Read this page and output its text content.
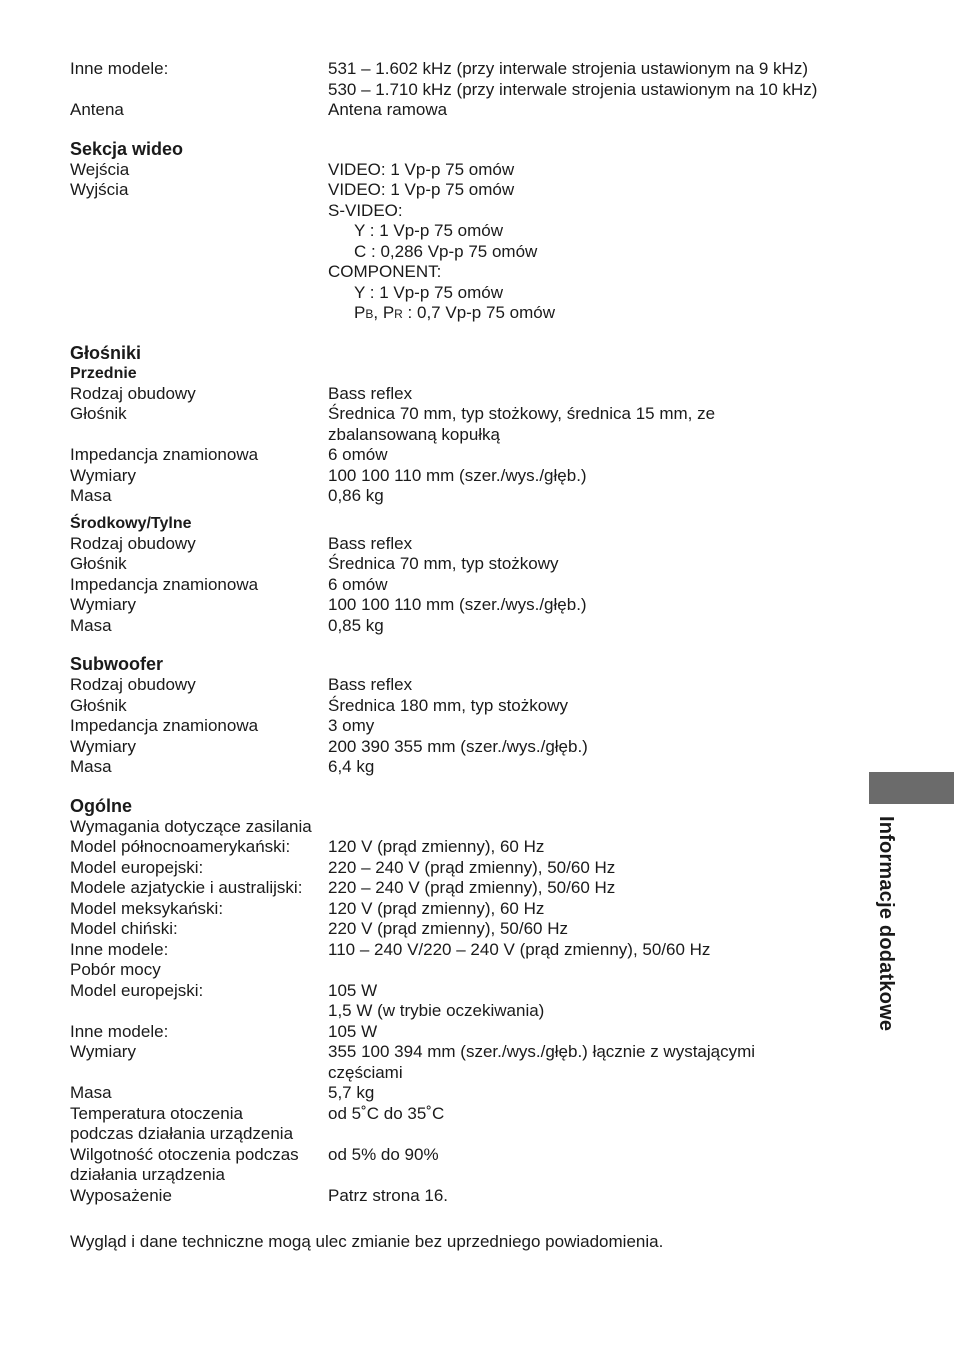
Inne modele:	531 – 1.602 kHz (przy interwale strojenia ustawionym na 9 kHz)
530 – 1.710 kHz (przy interwale strojenia ustawionym na 10 kHz)
Antena	Antena ramowa
Sekcja wideo
Wejścia	VIDEO: 1 Vp-p 75 omów
Wyjścia	VIDEO: 1 Vp-p 75 omów
S-VIDEO:
Y : 1 Vp-p 75 omów
C : 0,286 Vp-p 75 omów
COMPONENT:
Y : 1 Vp-p 75 omów
PB, PR : 0,7 Vp-p 75 omów
Głośniki
Przednie
Rodzaj obudowy	Bass reflex
Głośnik	Średnica 70 mm, typ stożkowy, średnica 15 mm, ze zbalansowaną kopułką
Impedancja znamionowa	6 omów
Wymiary	100 100 110 mm (szer./wys./głęb.)
Masa	0,86 kg
Środkowy/Tylne
Rodzaj obudowy	Bass reflex
Głośnik	Średnica 70 mm, typ stożkowy
Impedancja znamionowa	6 omów
Wymiary	100 100 110 mm (szer./wys./głęb.)
Masa	0,85 kg
Subwoofer
Rodzaj obudowy	Bass reflex
Głośnik	Średnica 180 mm, typ stożkowy
Impedancja znamionowa	3 omy
Wymiary	200 390 355 mm (szer./wys./głęb.)
Masa	6,4 kg
Ogólne
Wymagania dotyczące zasilania
Model północnoamerykański:	120 V (prąd zmienny), 60 Hz
Model europejski:	220 – 240 V (prąd zmienny), 50/60 Hz
Modele azjatyckie i australijski:	220 – 240 V (prąd zmienny), 50/60 Hz
Model meksykański:	120 V (prąd zmienny), 60 Hz
Model chiński:	220 V (prąd zmienny), 50/60 Hz
Inne modele:	110 – 240 V/220 – 240 V (prąd zmienny), 50/60 Hz
Pobór mocy
Model europejski:	105 W
1,5 W (w trybie oczekiwania)
Inne modele:	105 W
Wymiary	355 100 394 mm (szer./wys./głęb.) łącznie z wystającymi częściami
Masa	5,7 kg
Temperatura otoczenia	od 5˚C do 35˚C
podczas działania urządzenia
Wilgotność otoczenia podczas	od 5% do 90%
działania urządzenia
Wyposażenie	Patrz strona 16.
Wygląd i dane techniczne mogą ulec zmianie bez uprzedniego powiadomienia.
Informacje dodatkowe
